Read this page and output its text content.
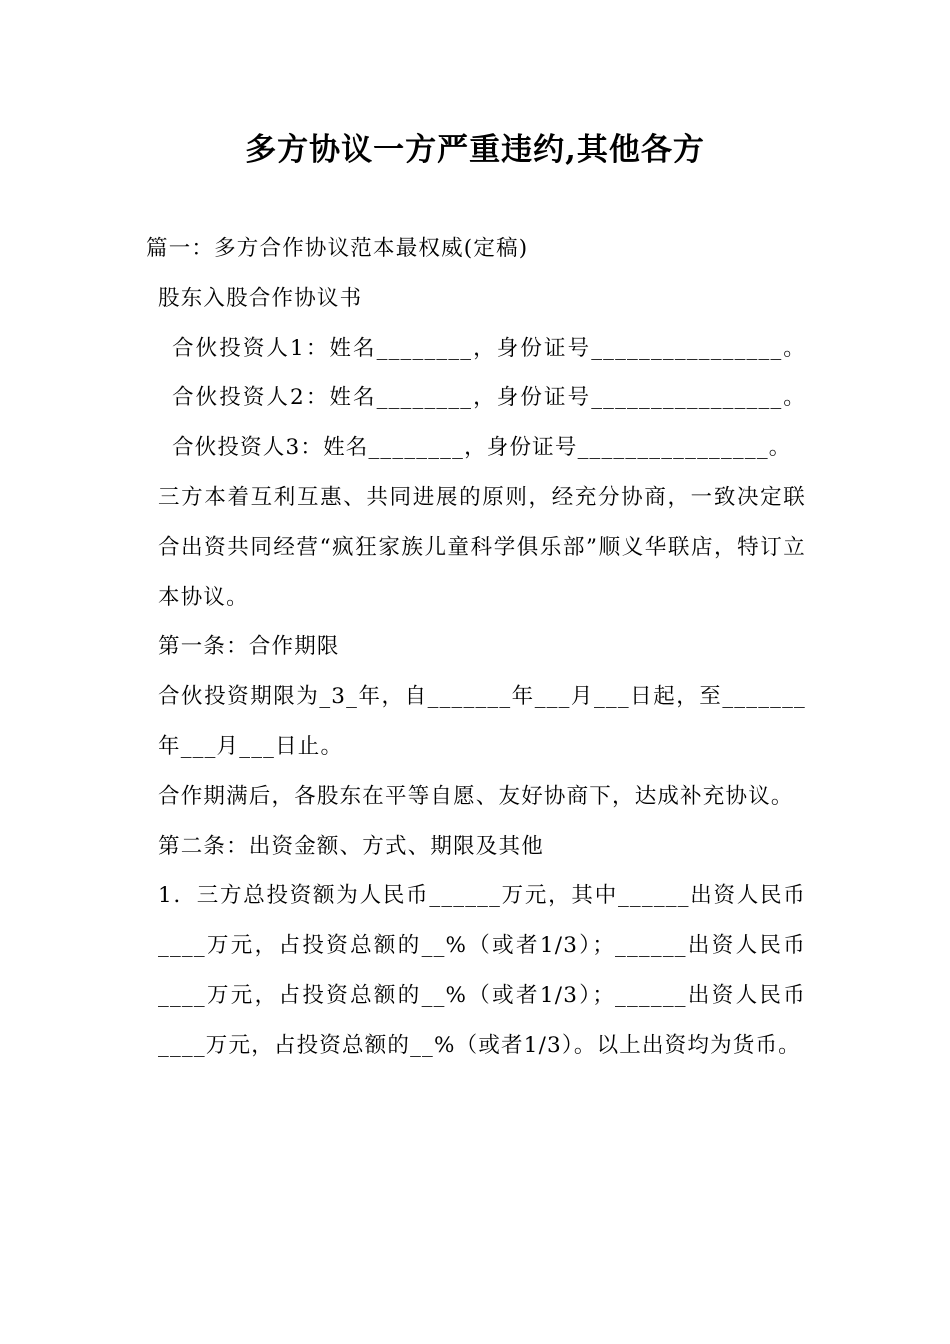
多方协议一方严重违约,其他各方

篇一：多方合作协议范本最权威(定稿)

股东入股合作协议书

合伙投资人1：姓名________，身份证号________________。 合伙投资人2：姓名________，身份证号________________。 合伙投资人3：姓名________，身份证号________________。

三方本着互利互惠、共同进展的原则，经充分协商，一致决定联合出资共同经营“疯狂家族儿童科学俱乐部”顺义华联店，特订立本协议。

第一条：合作期限

合伙投资期限为_3_年，自_______年___月___日起，至_______年___月___日止。

合作期满后，各股东在平等自愿、友好协商下，达成补充协议。

第二条：出资金额、方式、期限及其他

1．三方总投资额为人民币______万元，其中______出资人民币____万元，占投资总额的__%（或者1/3）；______出资人民币____万元，占投资总额的__%（或者1/3）；______出资人民币____万元，占投资总额的__%（或者1/3）。以上出资均为货币。
